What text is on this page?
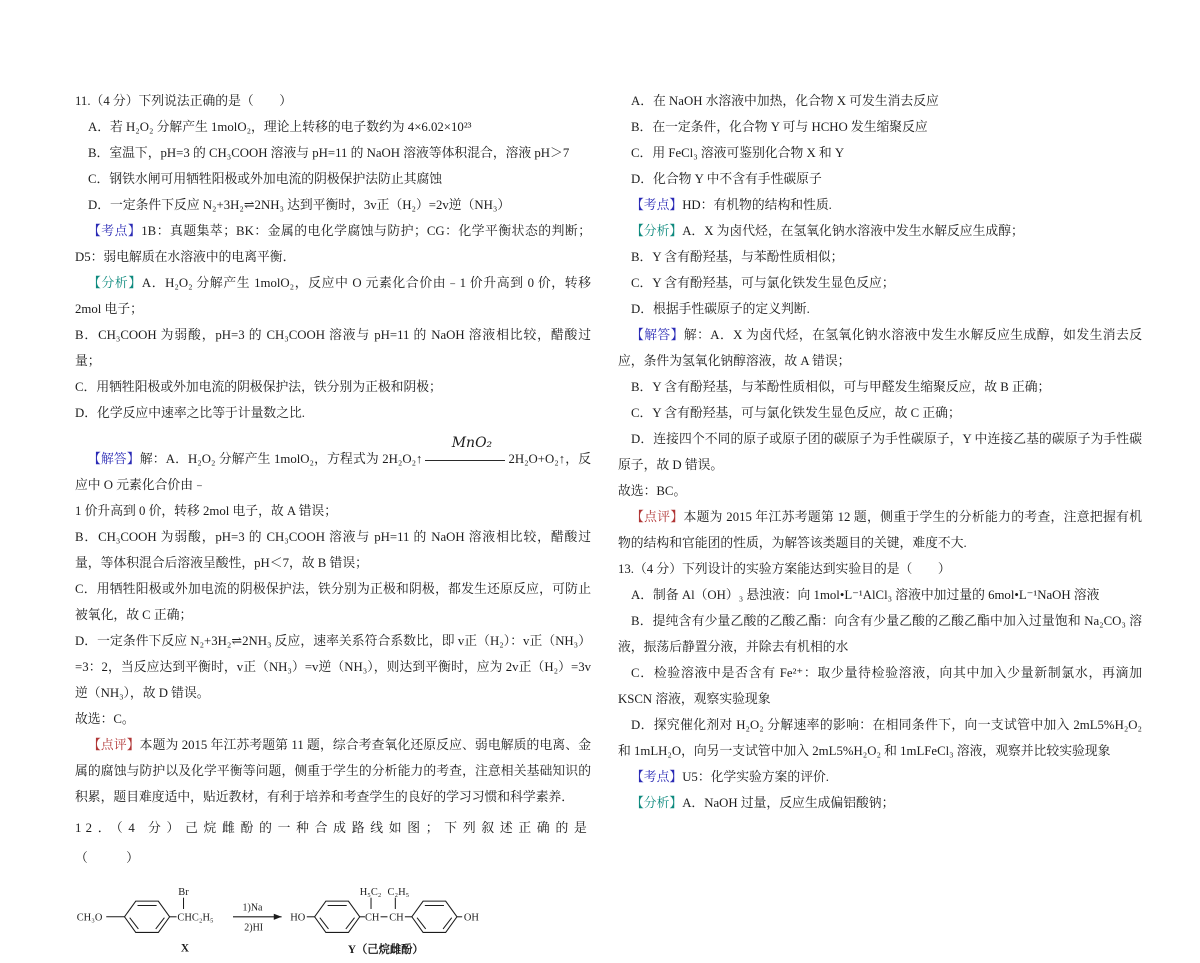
11.（4 分）下列说法正确的是（　　）

A．若 H₂O₂ 分解产生 1molO₂，理论上转移的电子数约为 4×6.02×10²³

B．室温下，pH=3 的 CH₃COOH 溶液与 pH=11 的 NaOH 溶液等体积混合，溶液 pH＞7

C．钢铁水闸可用牺牲阳极或外加电流的阴极保护法防止其腐蚀

D．一定条件下反应 N₂+3H₂⇌2NH₃ 达到平衡时，3v正（H₂）=2v逆（NH₃）

【考点】1B：真题集萃；BK：金属的电化学腐蚀与防护；CG：化学平衡状态的判断；D5：弱电解质在水溶液中的电离平衡．

【分析】A．H₂O₂ 分解产生 1molO₂，反应中 O 元素化合价由﹣1 价升高到 0 价，转移 2mol 电子；

B．CH₃COOH 为弱酸，pH=3 的 CH₃COOH 溶液与 pH=11 的 NaOH 溶液相比较，醋酸过量；

C．用牺牲阳极或外加电流的阴极保护法，铁分别为正极和阴极；

D．化学反应中速率之比等于计量数之比.

【解答】解：A．H₂O₂ 分解产生 1molO₂，方程式为 2H₂O₂↑
MnO₂
2H₂O+O₂↑，反应中 O 元素化合价由﹣

1 价升高到 0 价，转移 2mol 电子，故 A 错误；

B．CH₃COOH 为弱酸，pH=3 的 CH₃COOH 溶液与 pH=11 的 NaOH 溶液相比较，醋酸过量，等体积混合后溶液呈酸性，pH＜7，故 B 错误；

C．用牺牲阳极或外加电流的阴极保护法，铁分别为正极和阴极，都发生还原反应，可防止被氧化，故 C 正确；

D．一定条件下反应 N₂+3H₂⇌2NH₃ 反应，速率关系符合系数比，即 v正（H₂）：v正（NH₃）=3：2，当反应达到平衡时，v正（NH₃）=v逆（NH₃），则达到平衡时，应为 2v正（H₂）=3v逆（NH₃），故 D 错误。

故选：C。

【点评】本题为 2015 年江苏考题第 11 题，综合考查氧化还原反应、弱电解质的电离、金属的腐蚀与防护以及化学平衡等问题，侧重于学生的分析能力的考查，注意相关基础知识的积累，题目难度适中，贴近教材，有利于培养和考查学生的良好的学习习惯和科学素养．

12．（4 分）己烷雌酚的一种合成路线如图；下列叙述正确的是（　　）

CH₃O
Br
CHC₂H₅
1)Na
2)HI
HO
H₅C₂
CH
C₂H₅
CH	OH
X	Y（己烷雌酚）

A．在 NaOH 水溶液中加热，化合物 X 可发生消去反应

B．在一定条件，化合物 Y 可与 HCHO 发生缩聚反应

C．用 FeCl₃ 溶液可鉴别化合物 X 和 Y

D．化合物 Y 中不含有手性碳原子

【考点】HD：有机物的结构和性质.

【分析】A．X 为卤代烃，在氢氧化钠水溶液中发生水解反应生成醇；

B．Y 含有酚羟基，与苯酚性质相似；

C．Y 含有酚羟基，可与氯化铁发生显色反应；

D．根据手性碳原子的定义判断.

【解答】解：A．X 为卤代烃，在氢氧化钠水溶液中发生水解反应生成醇，如发生消去反应，条件为氢氧化钠醇溶液，故 A 错误；

B．Y 含有酚羟基，与苯酚性质相似，可与甲醛发生缩聚反应，故 B 正确；

C．Y 含有酚羟基，可与氯化铁发生显色反应，故 C 正确；

D．连接四个不同的原子或原子团的碳原子为手性碳原子，Y 中连接乙基的碳原子为手性碳原子，故 D 错误。

故选：BC。

【点评】本题为 2015 年江苏考题第 12 题，侧重于学生的分析能力的考查，注意把握有机物的结构和官能团的性质，为解答该类题目的关键，难度不大.

13.（4 分）下列设计的实验方案能达到实验目的是（　　）

A．制备 Al（OH）₃ 悬浊液：向 1mol•L⁻¹AlCl₃ 溶液中加过量的 6mol•L⁻¹NaOH 溶液

B．提纯含有少量乙酸的乙酸乙酯：向含有少量乙酸的乙酸乙酯中加入过量饱和 Na₂CO₃ 溶液，振荡后静置分液，并除去有机相的水

C．检验溶液中是否含有 Fe²⁺：取少量待检验溶液，向其中加入少量新制氯水，再滴加 KSCN 溶液，观察实验现象

D．探究催化剂对 H₂O₂ 分解速率的影响：在相同条件下，向一支试管中加入 2mL5%H₂O₂ 和 1mLH₂O，向另一支试管中加入 2mL5%H₂O₂ 和 1mLFeCl₃ 溶液，观察并比较实验现象

【考点】U5：化学实验方案的评价.

【分析】A．NaOH 过量，反应生成偏铝酸钠；
